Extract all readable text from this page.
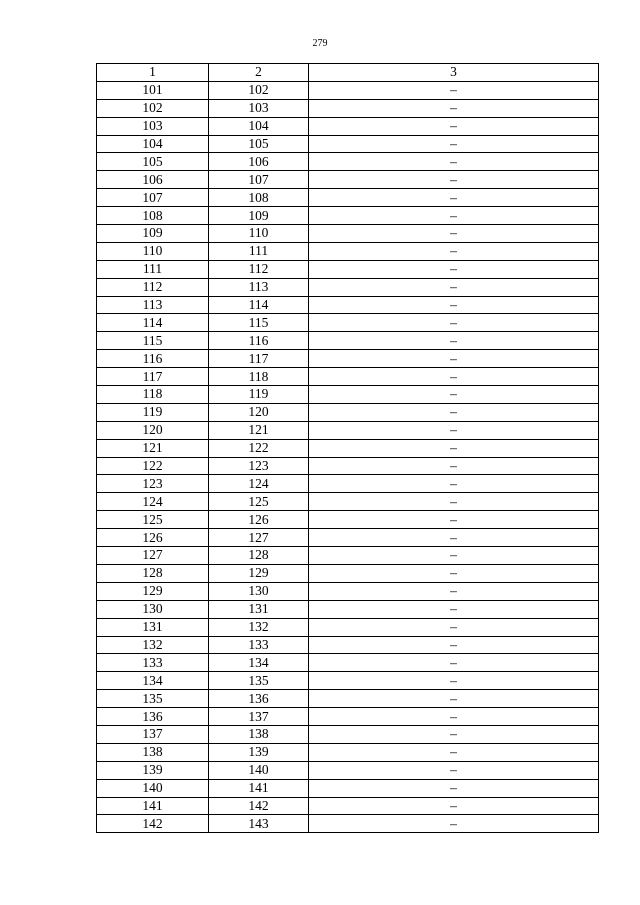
279
1	2	3
101	102	–
102	103	–
103	104	–
104	105	–
105	106	–
106	107	–
107	108	–
108	109	–
109	110	–
110	111	–
111	112	–
112	113	–
113	114	–
114	115	–
115	116	–
116	117	–
117	118	–
118	119	–
119	120	–
120	121	–
121	122	–
122	123	–
123	124	–
124	125	–
125	126	–
126	127	–
127	128	–
128	129	–
129	130	–
130	131	–
131	132	–
132	133	–
133	134	–
134	135	–
135	136	–
136	137	–
137	138	–
138	139	–
139	140	–
140	141	–
141	142	–
142	143	–
